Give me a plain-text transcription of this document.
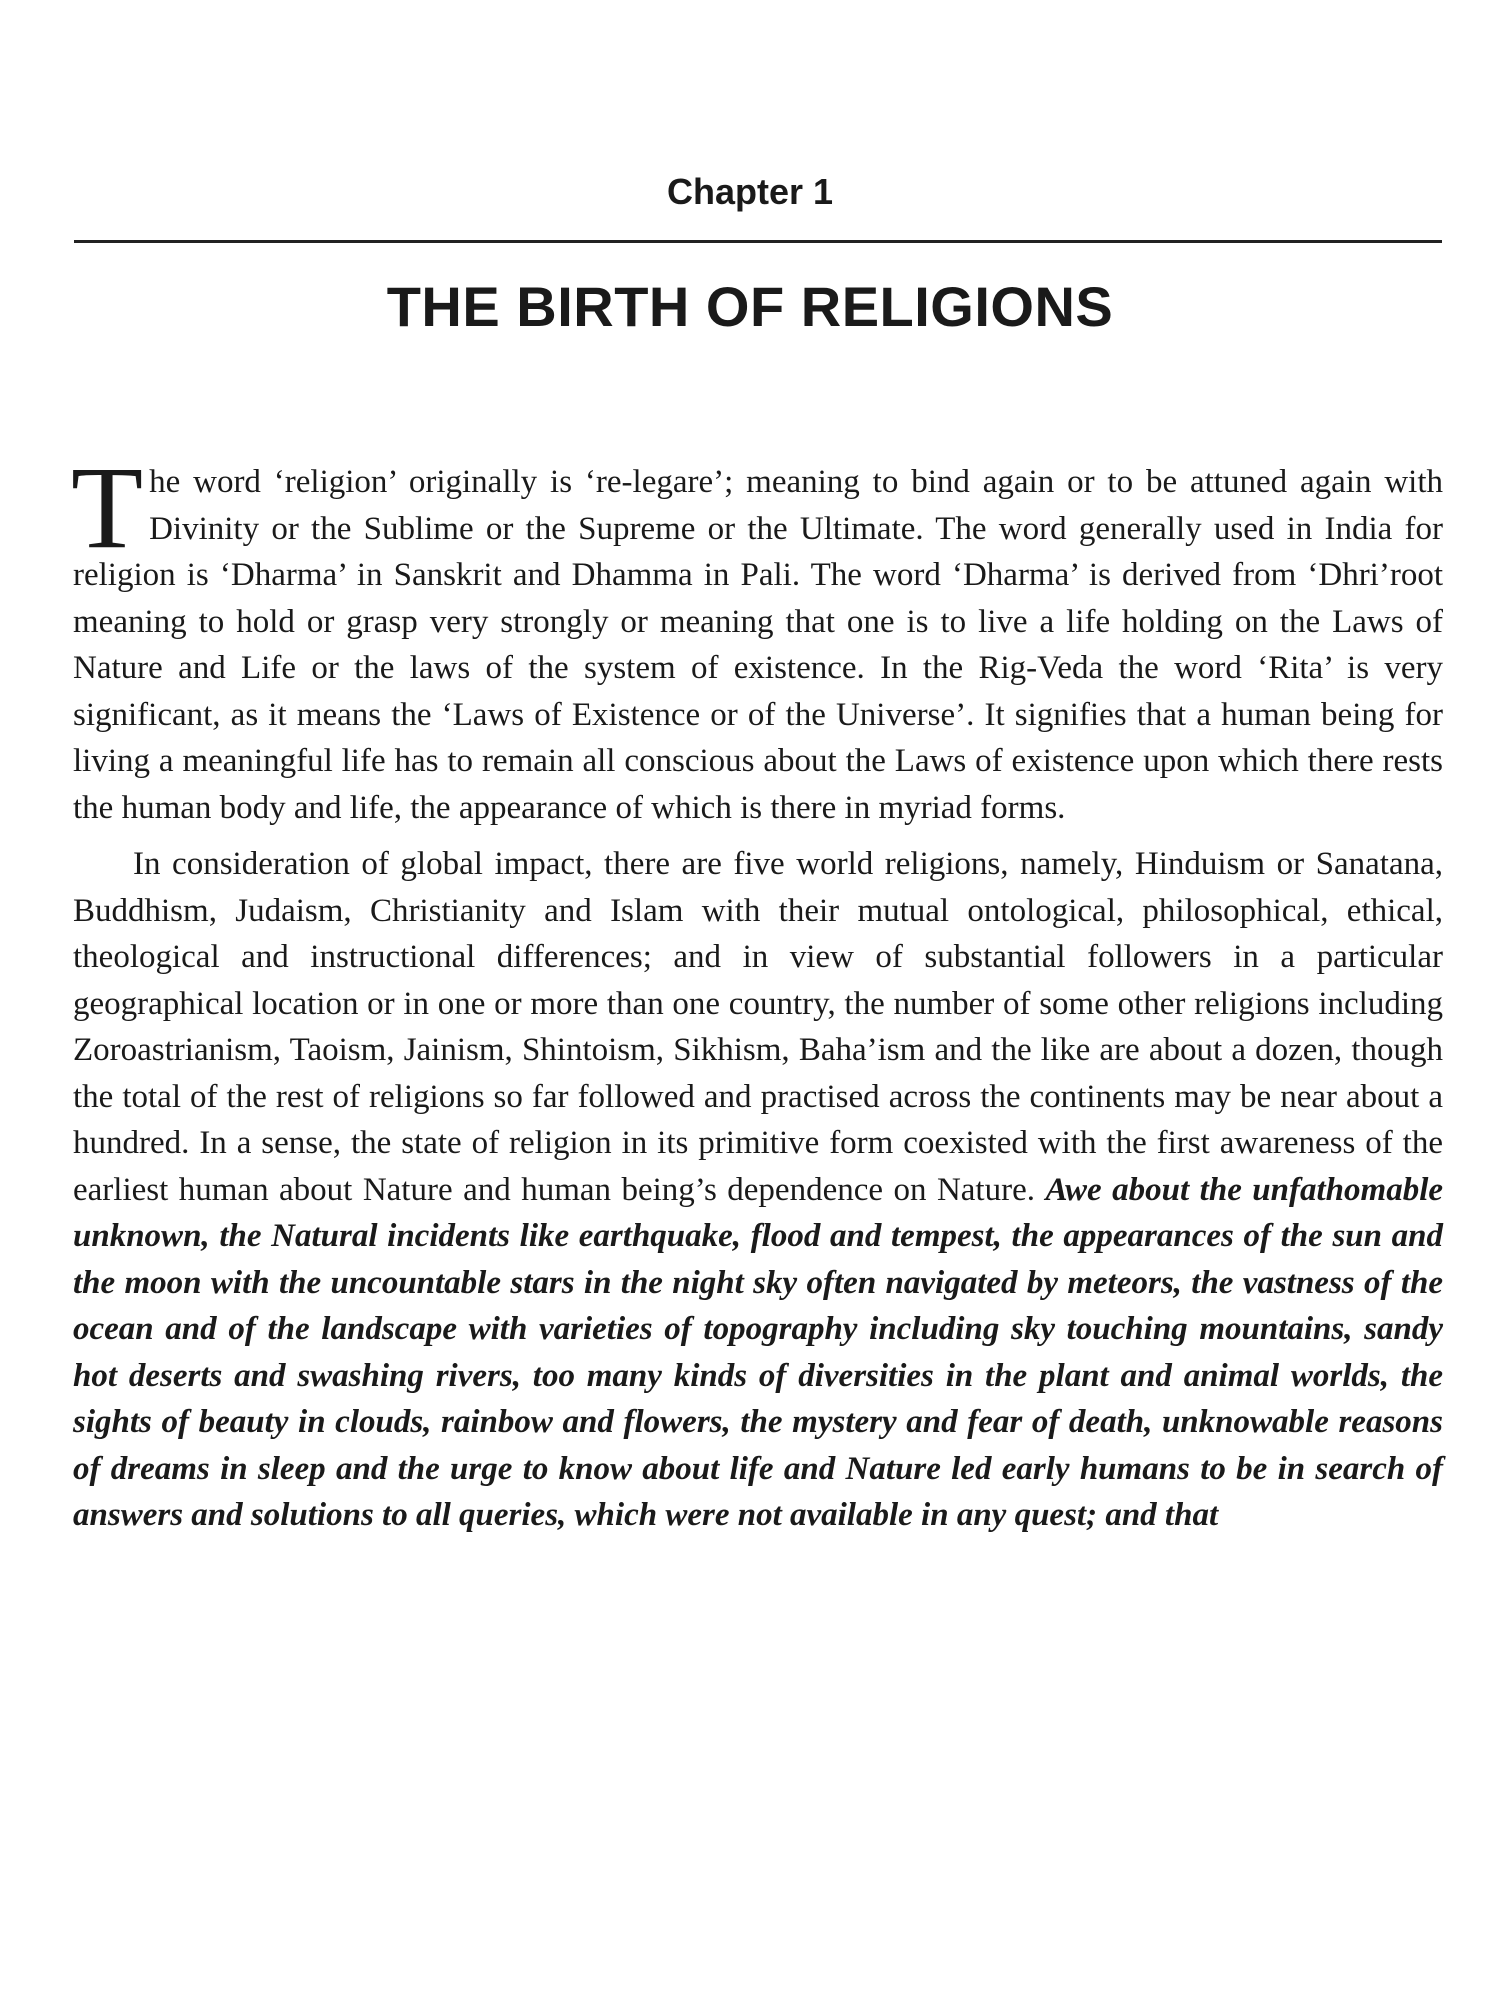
Chapter 1
THE BIRTH OF RELIGIONS

The word ‘religion’ originally is ‘re-legare’; meaning to bind again or to be attuned again with Divinity or the Sublime or the Supreme or the Ultimate. The word generally used in India for religion is ‘Dharma’ in Sanskrit and Dhamma in Pali. The word ‘Dharma’ is derived from ‘Dhri’root meaning to hold or grasp very strongly or meaning that one is to live a life holding on the Laws of Nature and Life or the laws of the system of existence. In the Rig-Veda the word ‘Rita’ is very significant, as it means the ‘Laws of Existence or of the Universe’. It signifies that a human being for living a meaningful life has to remain all conscious about the Laws of existence upon which there rests the human body and life, the appearance of which is there in myriad forms.

In consideration of global impact, there are five world religions, namely, Hinduism or Sanatana, Buddhism, Judaism, Christianity and Islam with their mutual ontological, philosophical, ethical, theological and instructional differences; and in view of substantial followers in a particular geographical location or in one or more than one country, the number of some other religions including Zoroastrianism, Taoism, Jainism, Shintoism, Sikhism, Baha’ism and the like are about a dozen, though the total of the rest of religions so far followed and practised across the continents may be near about a hundred. In a sense, the state of religion in its primitive form coexisted with the first awareness of the earliest human about Nature and human being’s dependence on Nature. Awe about the unfathomable unknown, the Natural incidents like earthquake, flood and tempest, the appearances of the sun and the moon with the uncountable stars in the night sky often navigated by meteors, the vastness of the ocean and of the landscape with varieties of topography including sky touching mountains, sandy hot deserts and swashing rivers, too many kinds of diversities in the plant and animal worlds, the sights of beauty in clouds, rainbow and flowers, the mystery and fear of death, unknowable reasons of dreams in sleep and the urge to know about life and Nature led early humans to be in search of answers and solutions to all queries, which were not available in any quest; and that
